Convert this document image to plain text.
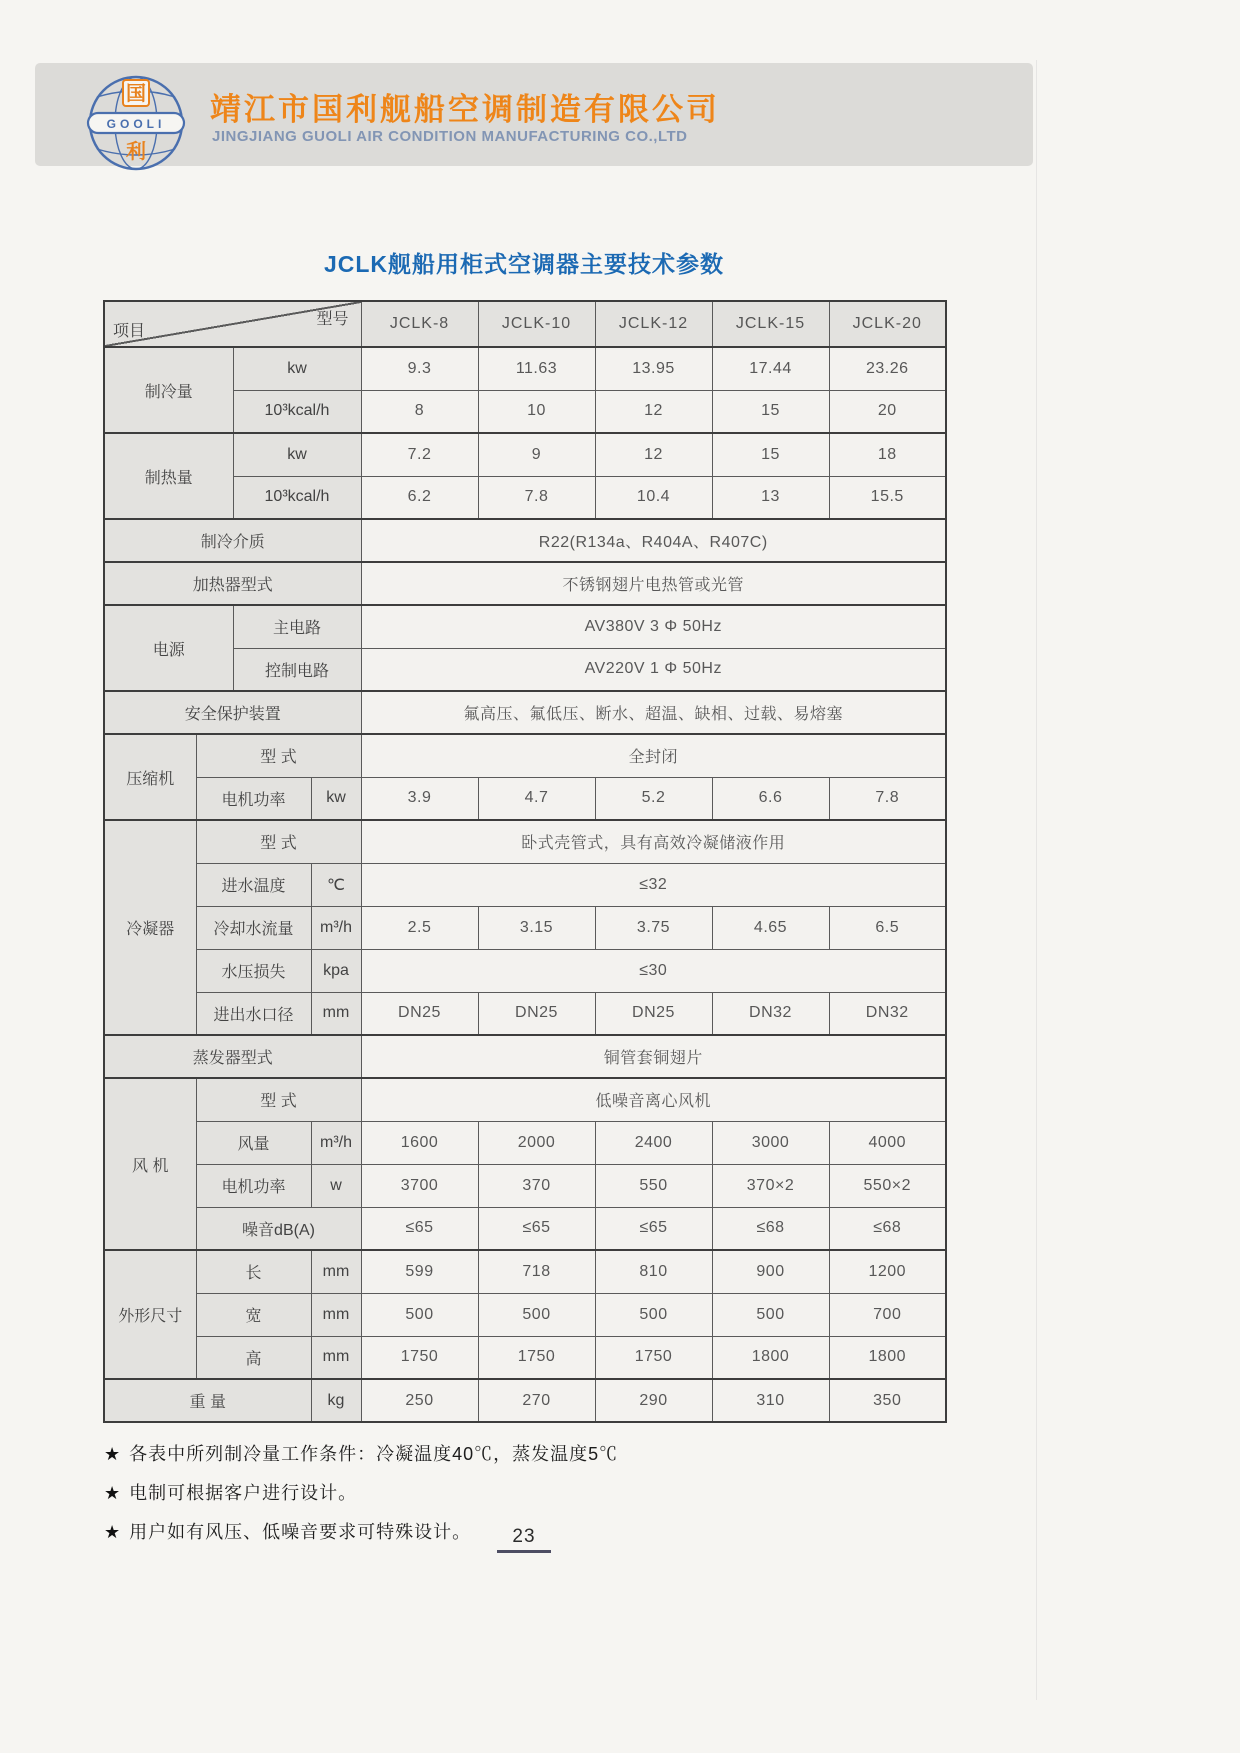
国
GOOLI
利
靖江市国利舰船空调制造有限公司
JINGJIANG GUOLI AIR CONDITION MANUFACTURING CO.,LTD
JCLK舰船用柜式空调器主要技术参数
型号
项目				JCLK-8	JCLK-10	JCLK-12	JCLK-15	JCLK-20
制冷量		kw		9.3	11.63	13.95	17.44	23.26
		10³kcal/h		8	10	12	15	20
制热量		kw		7.2	9	12	15	18
		10³kcal/h		6.2	7.8	10.4	13	15.5
制冷介质				R22(R134a、R404A、R407C)				
加热器型式				不锈钢翅片电热管或光管				
电源		主电路		AV380V 3 Φ 50Hz				
		控制电路		AV220V 1 Φ 50Hz				
安全保护装置				氟高压、氟低压、断水、超温、缺相、过载、易熔塞				
压缩机	型 式			全封闭				
	电机功率		kw	3.9	4.7	5.2	6.6	7.8
冷凝器	型 式			卧式壳管式，具有高效冷凝储液作用				
	进水温度		℃	≤32				
	冷却水流量		m³/h	2.5	3.15	3.75	4.65	6.5
	水压损失		kpa	≤30				
	进出水口径		mm	DN25	DN25	DN25	DN32	DN32
蒸发器型式				铜管套铜翅片				
风 机	型 式			低噪音离心风机				
	风量		m³/h	1600	2000	2400	3000	4000
	电机功率		w	3700	370	550	370×2	550×2
	噪音dB(A)			≤65	≤65	≤65	≤68	≤68
外形尺寸	长		mm	599	718	810	900	1200
	宽		mm	500	500	500	500	700
	高		mm	1750	1750	1750	1800	1800
重 量			kg	250	270	290	310	350
★ 各表中所列制冷量工作条件：冷凝温度40℃，蒸发温度5℃
★ 电制可根据客户进行设计。
★ 用户如有风压、低噪音要求可特殊设计。	23
